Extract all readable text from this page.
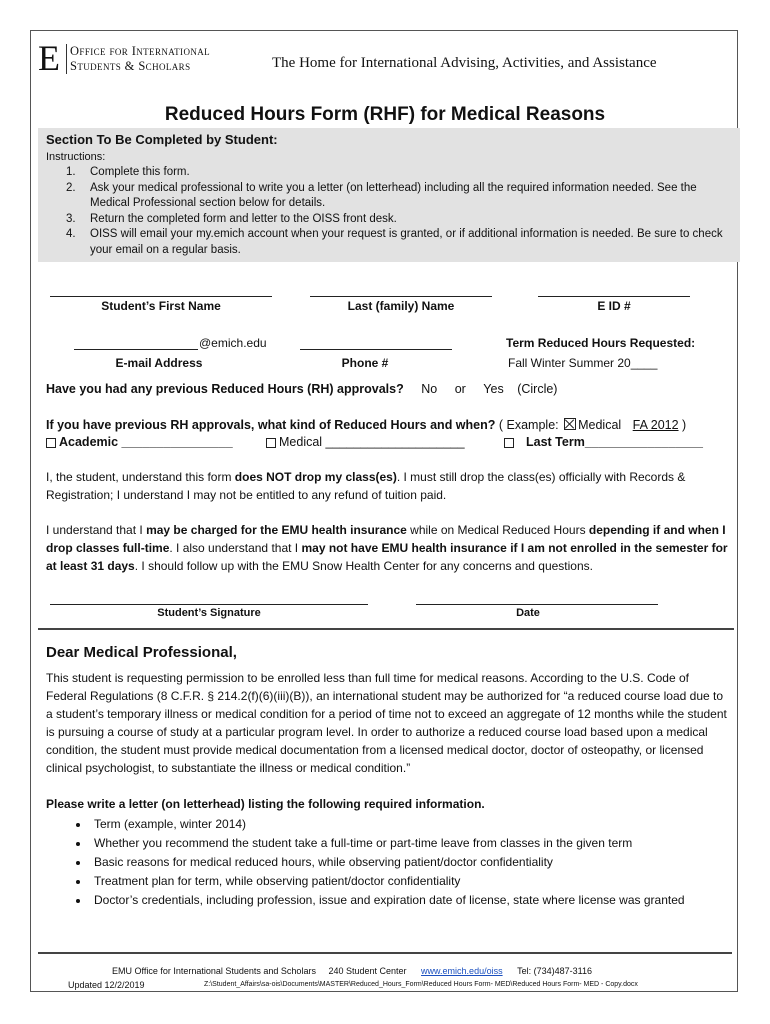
E Office for International
Students & Scholars	The Home for International Advising, Activities, and Assistance
Reduced Hours Form (RHF) for Medical Reasons
Section To Be Completed by Student:
Instructions:
1. Complete this form.
2. Ask your medical professional to write you a letter (on letterhead) including all the required information needed. See the Medical Professional section below for details.
3. Return the completed form and letter to the OISS front desk.
4. OISS will email your my.emich account when your request is granted, or if additional information is needed. Be sure to check your email on a regular basis.
Student’s First Name	Last (family) Name	E ID #
@emich.edu
E-mail Address	Phone #
Term Reduced Hours Requested:
Fall Winter Summer 20____
Have you had any previous Reduced Hours (RH) approvals? No or Yes (Circle)
If you have previous RH approvals, what kind of Reduced Hours and when? ( Example: Medical FA 2012 )
Academic ________________	Medical ____________________	Last Term_________________
I, the student, understand this form does NOT drop my class(es). I must still drop the class(es) officially with Records & Registration; I understand I may not be entitled to any refund of tuition paid.
I understand that I may be charged for the EMU health insurance while on Medical Reduced Hours depending if and when I drop classes full-time. I also understand that I may not have EMU health insurance if I am not enrolled in the semester for at least 31 days. I should follow up with the EMU Snow Health Center for any concerns and questions.
Student’s Signature	Date
Dear Medical Professional,
This student is requesting permission to be enrolled less than full time for medical reasons. According to the U.S. Code of Federal Regulations (8 C.F.R. § 214.2(f)(6)(iii)(B)), an international student may be authorized for “a reduced course load due to a student’s temporary illness or medical condition for a period of time not to exceed an aggregate of 12 months while the student is pursuing a course of study at a particular program level. In order to authorize a reduced course load based upon a medical condition, the student must provide medical documentation from a licensed medical doctor, doctor of osteopathy, or licensed clinical psychologist, to substantiate the illness or medical condition.”
Please write a letter (on letterhead) listing the following required information.
• Term (example, winter 2014)
• Whether you recommend the student take a full-time or part-time leave from classes in the given term
• Basic reasons for medical reduced hours, while observing patient/doctor confidentiality
• Treatment plan for term, while observing patient/doctor confidentiality
• Doctor’s credentials, including profession, issue and expiration date of license, state where license was granted
EMU Office for International Students and Scholars 240 Student Center www.emich.edu/oiss Tel: (734)487-3116
Updated 12/2/2019	Z:\Student_Affairs\sa-ois\Documents\MASTER\Reduced_Hours_Form\Reduced Hours Form- MED\Reduced Hours Form- MED - Copy.docx
